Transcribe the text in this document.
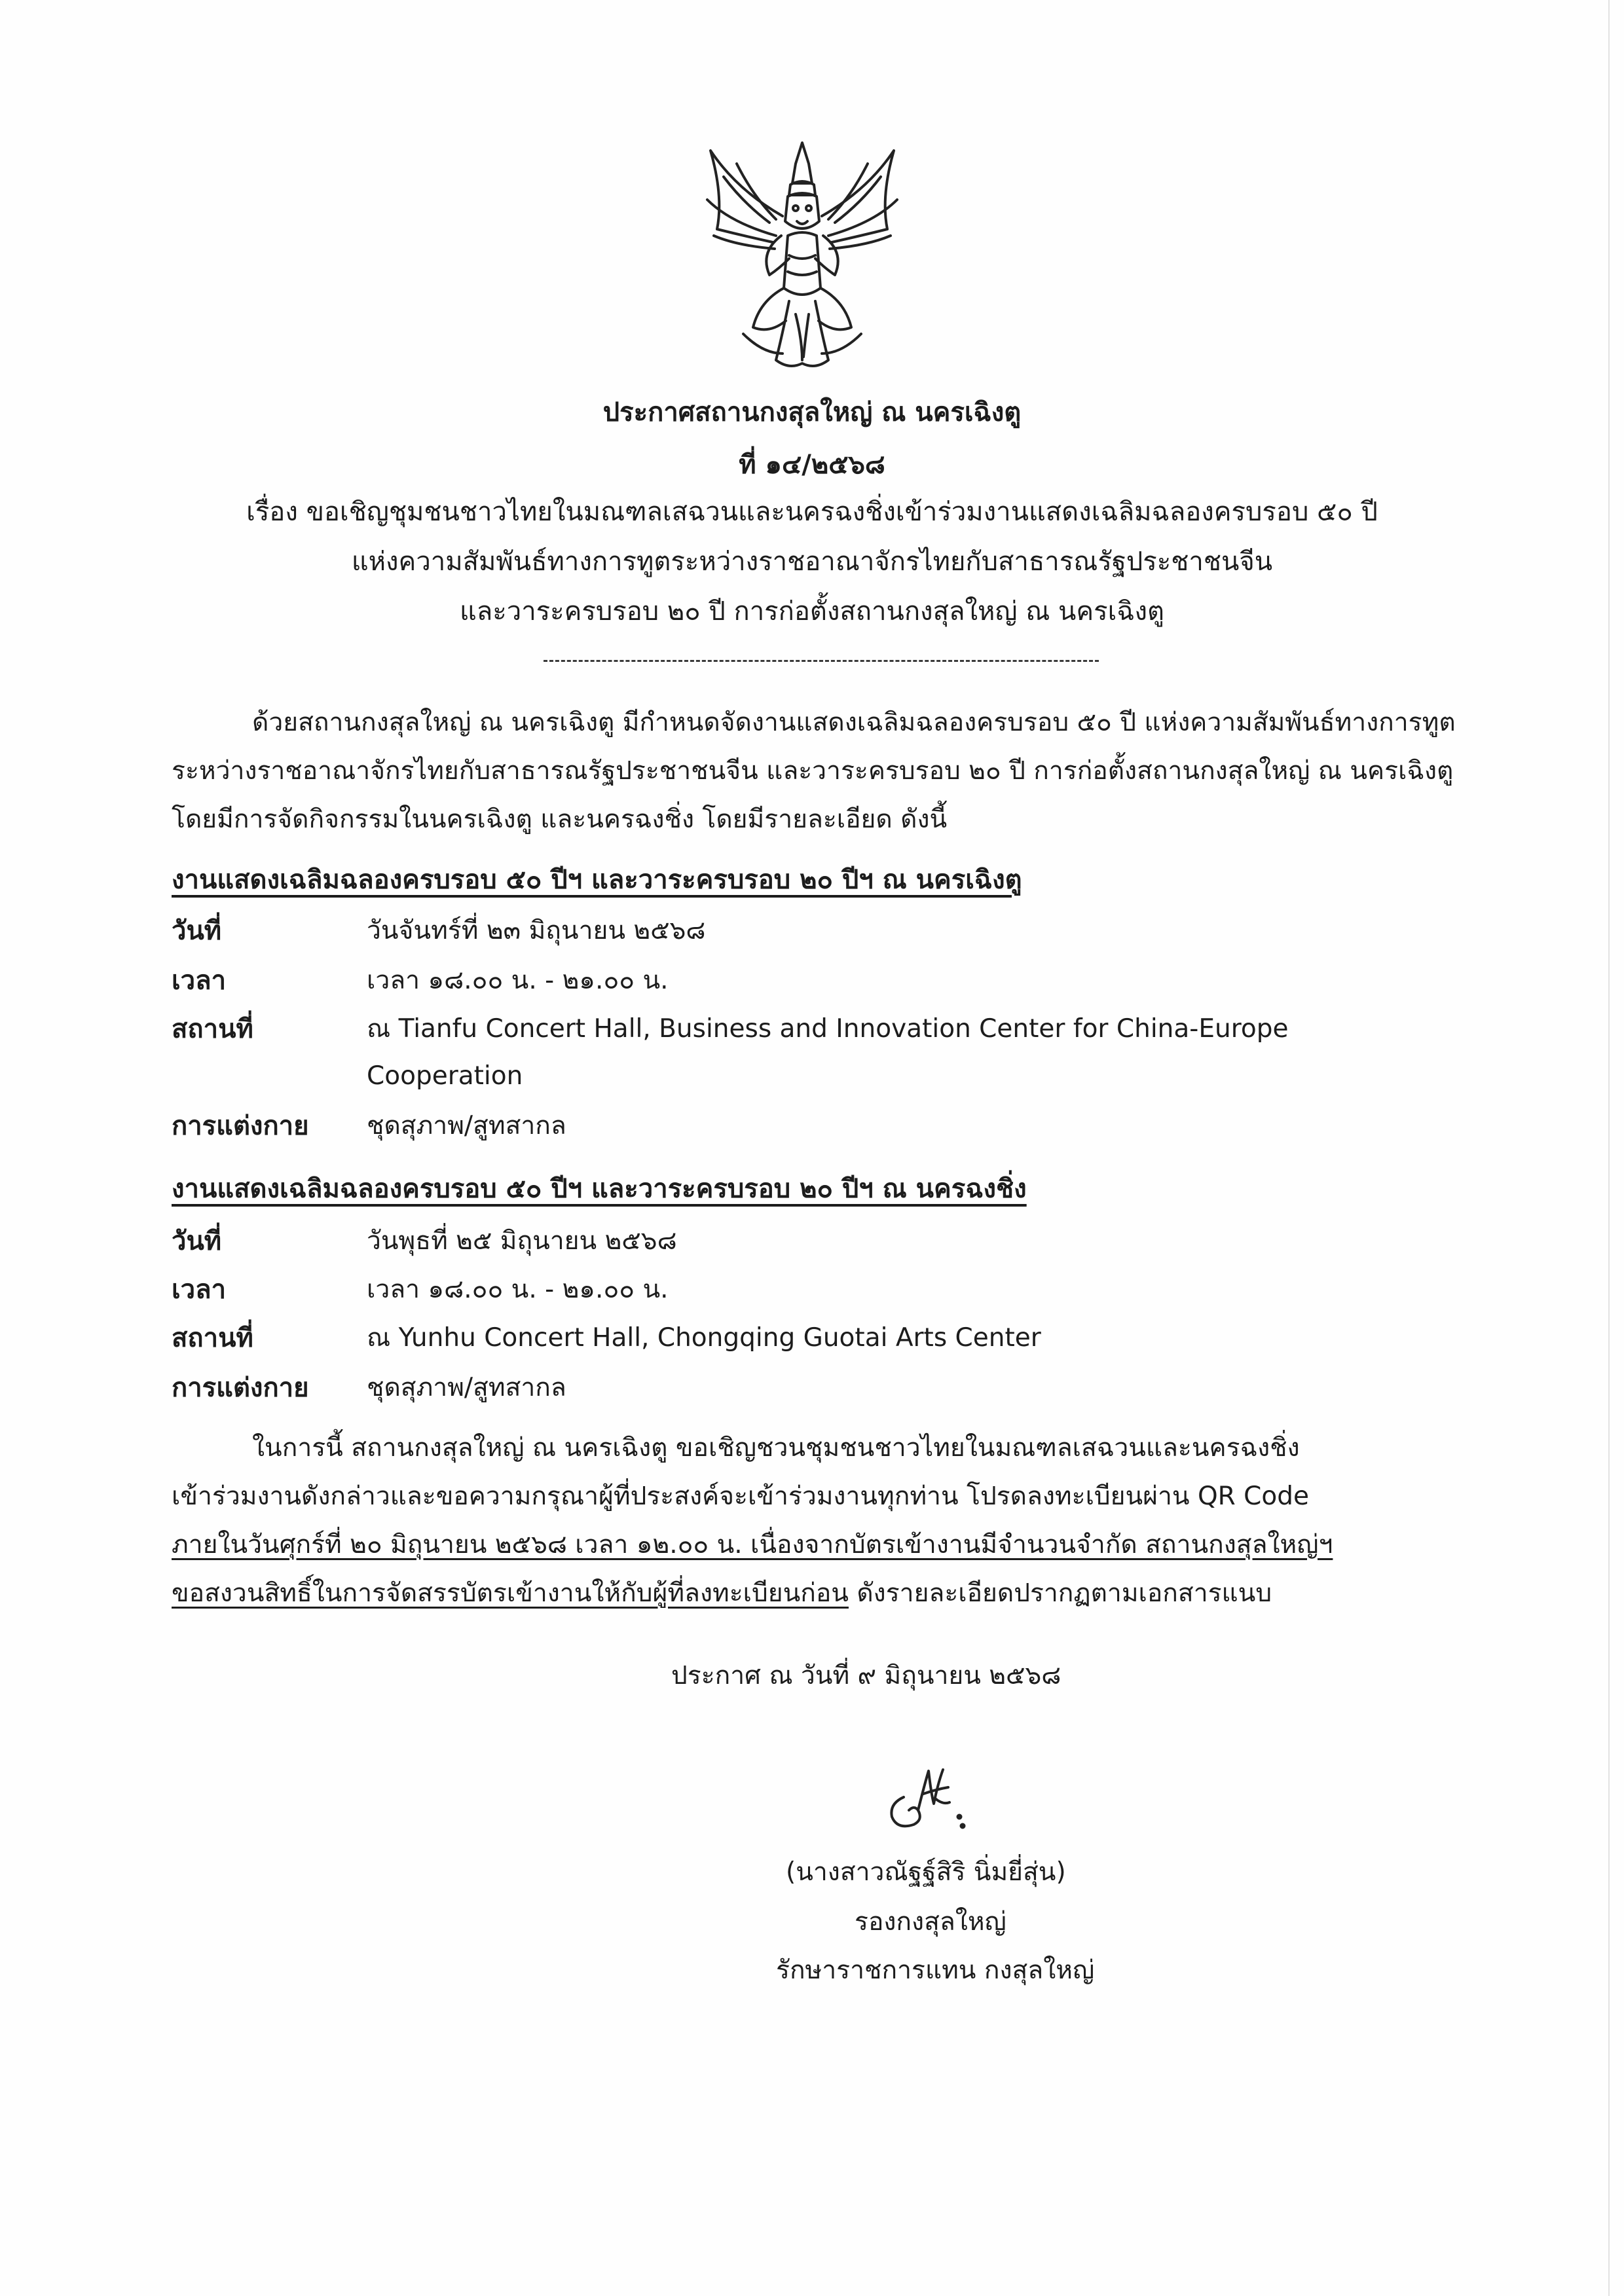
ประกาศสถานกงสุลใหญ่ ณ นครเฉิงตู
ที่ ๑๔/๒๕๖๘
เรื่อง ขอเชิญชุมชนชาวไทยในมณฑลเสฉวนและนครฉงชิ่งเข้าร่วมงานแสดงเฉลิมฉลองครบรอบ ๕๐ ปี
แห่งความสัมพันธ์ทางการทูตระหว่างราชอาณาจักรไทยกับสาธารณรัฐประชาชนจีน
และวาระครบรอบ ๒๐ ปี การก่อตั้งสถานกงสุลใหญ่ ณ นครเฉิงตู
ด้วยสถานกงสุลใหญ่ ณ นครเฉิงตู มีกำหนดจัดงานแสดงเฉลิมฉลองครบรอบ ๕๐ ปี แห่งความสัมพันธ์ทางการทูต
ระหว่างราชอาณาจักรไทยกับสาธารณรัฐประชาชนจีน และวาระครบรอบ ๒๐ ปี การก่อตั้งสถานกงสุลใหญ่ ณ นครเฉิงตู
โดยมีการจัดกิจกรรมในนครเฉิงตู และนครฉงชิ่ง โดยมีรายละเอียด ดังนี้
งานแสดงเฉลิมฉลองครบรอบ ๕๐ ปีฯ และวาระครบรอบ ๒๐ ปีฯ ณ นครเฉิงตู
วันที่	วันจันทร์ที่ ๒๓ มิถุนายน ๒๕๖๘
เวลา	เวลา ๑๘.๐๐ น. - ๒๑.๐๐ น.
สถานที่	ณ Tianfu Concert Hall, Business and Innovation Center for China-Europe
Cooperation
การแต่งกาย ชุดสุภาพ/สูทสากล
งานแสดงเฉลิมฉลองครบรอบ ๕๐ ปีฯ และวาระครบรอบ ๒๐ ปีฯ ณ นครฉงชิ่ง
วันที่	วันพุธที่ ๒๕ มิถุนายน ๒๕๖๘
เวลา	เวลา ๑๘.๐๐ น. - ๒๑.๐๐ น.
สถานที่	ณ Yunhu Concert Hall, Chongqing Guotai Arts Center
การแต่งกาย ชุดสุภาพ/สูทสากล
ในการนี้ สถานกงสุลใหญ่ ณ นครเฉิงตู ขอเชิญชวนชุมชนชาวไทยในมณฑลเสฉวนและนครฉงชิ่ง
เข้าร่วมงานดังกล่าวและขอความกรุณาผู้ที่ประสงค์จะเข้าร่วมงานทุกท่าน โปรดลงทะเบียนผ่าน QR Code
ภายในวันศุกร์ที่ ๒๐ มิถุนายน ๒๕๖๘ เวลา ๑๒.๐๐ น. เนื่องจากบัตรเข้างานมีจำนวนจำกัด สถานกงสุลใหญ่ฯ
ขอสงวนสิทธิ์ในการจัดสรรบัตรเข้างานให้กับผู้ที่ลงทะเบียนก่อน ดังรายละเอียดปรากฏตามเอกสารแนบ
ประกาศ ณ วันที่ ๙ มิถุนายน ๒๕๖๘
(นางสาวณัฐฐ์สิริ นิ่มยี่สุ่น)
รองกงสุลใหญ่
รักษาราชการแทน กงสุลใหญ่
